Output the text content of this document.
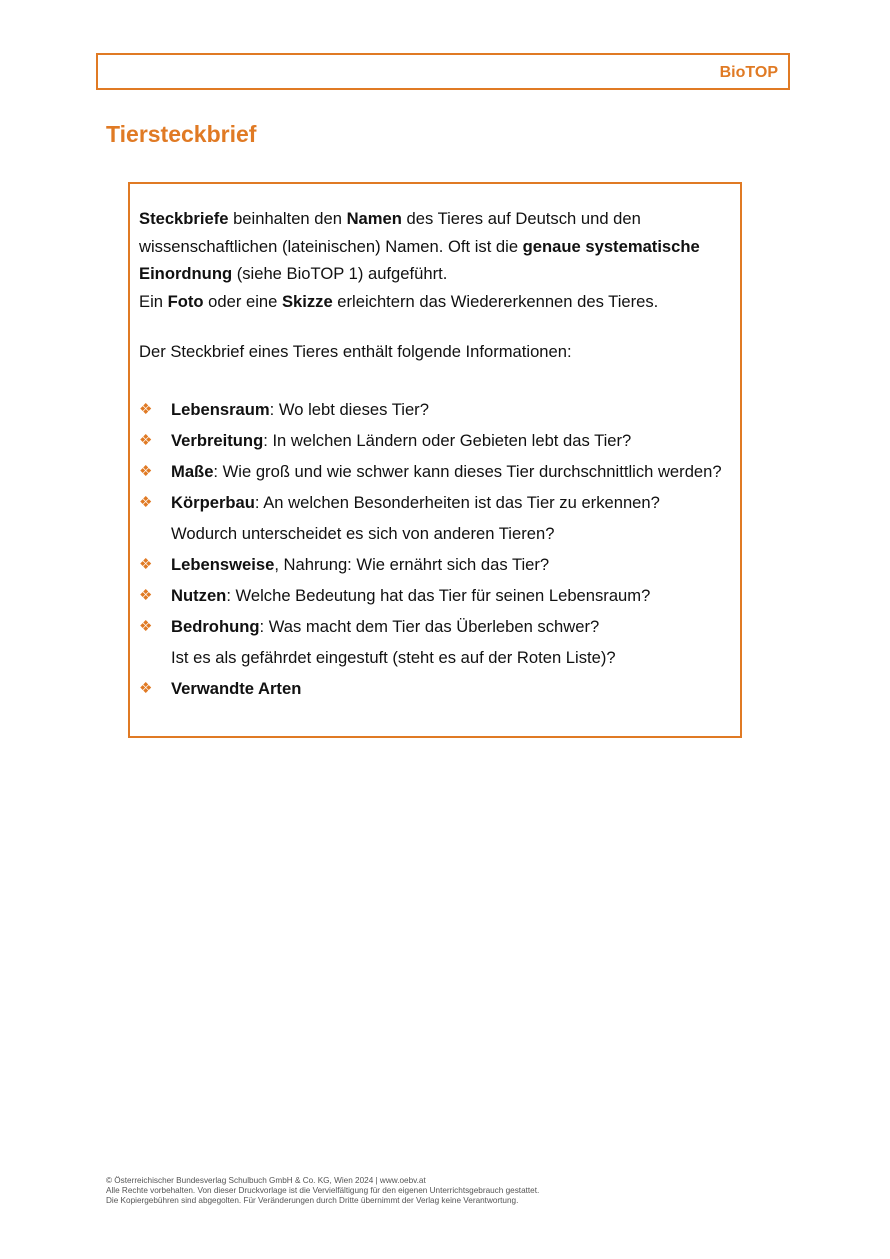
BioTOP
Tiersteckbrief

Steckbriefe beinhalten den Namen des Tieres auf Deutsch und den wissenschaftlichen (lateinischen) Namen. Oft ist die genaue systematische Einordnung (siehe BioTOP 1) aufgeführt.
Ein Foto oder eine Skizze erleichtern das Wiedererkennen des Tieres.

Der Steckbrief eines Tieres enthält folgende Informationen:

❖ Lebensraum: Wo lebt dieses Tier?
❖ Verbreitung: In welchen Ländern oder Gebieten lebt das Tier?
❖ Maße: Wie groß und wie schwer kann dieses Tier durchschnittlich werden?
❖ Körperbau: An welchen Besonderheiten ist das Tier zu erkennen?
Wodurch unterscheidet es sich von anderen Tieren?
❖ Lebensweise, Nahrung: Wie ernährt sich das Tier?
❖ Nutzen: Welche Bedeutung hat das Tier für seinen Lebensraum?
❖ Bedrohung: Was macht dem Tier das Überleben schwer?
Ist es als gefährdet eingestuft (steht es auf der Roten Liste)?
❖ Verwandte Arten
© Österreichischer Bundesverlag Schulbuch GmbH & Co. KG, Wien 2024 | www.oebv.at
Alle Rechte vorbehalten. Von dieser Druckvorlage ist die Vervielfältigung für den eigenen Unterrichtsgebrauch gestattet.
Die Kopiergebühren sind abgegolten. Für Veränderungen durch Dritte übernimmt der Verlag keine Verantwortung.
